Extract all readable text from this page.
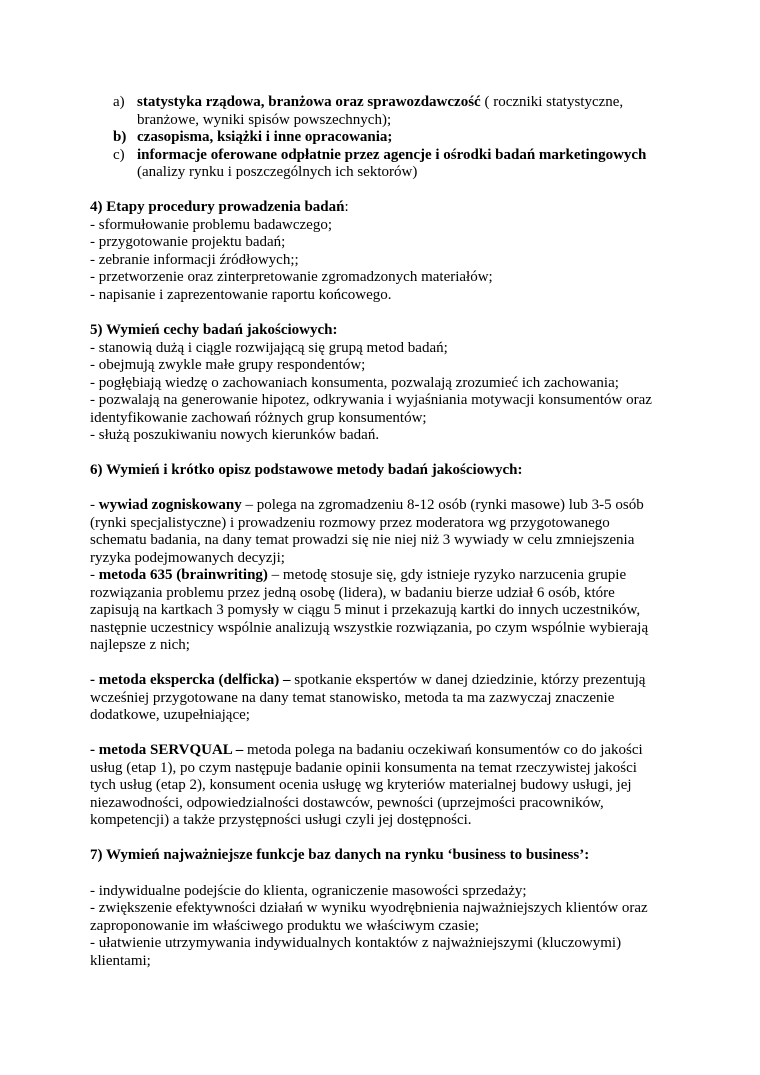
a) statystyka rządowa, branżowa oraz sprawozdawczość ( roczniki statystyczne,
branżowe, wyniki spisów powszechnych);
b) czasopisma, książki i inne opracowania;
c) informacje oferowane odpłatnie przez agencje i ośrodki badań marketingowych
(analizy rynku i poszczególnych ich sektorów)
4) Etapy procedury prowadzenia badań:
- sformułowanie problemu badawczego;
- przygotowanie projektu badań;
- zebranie informacji źródłowych;;
- przetworzenie oraz zinterpretowanie zgromadzonych materiałów;
- napisanie i zaprezentowanie raportu końcowego.
5) Wymień cechy badań jakościowych:
- stanowią dużą i ciągle rozwijającą się grupą metod badań;
- obejmują zwykle małe grupy respondentów;
- pogłębiają wiedzę o zachowaniach konsumenta, pozwalają zrozumieć ich zachowania;
- pozwalają na generowanie hipotez, odkrywania i wyjaśniania motywacji konsumentów oraz
identyfikowanie zachowań różnych grup konsumentów;
- służą poszukiwaniu nowych kierunków badań.
6) Wymień i krótko opisz podstawowe metody badań jakościowych:
- wywiad zogniskowany – polega na zgromadzeniu 8-12 osób (rynki masowe) lub 3-5 osób
(rynki specjalistyczne) i prowadzeniu rozmowy przez moderatora wg przygotowanego
schematu badania, na dany temat prowadzi się nie niej niż 3 wywiady w celu zmniejszenia
ryzyka podejmowanych decyzji;
- metoda 635 (brainwriting) – metodę stosuje się, gdy istnieje ryzyko narzucenia grupie
rozwiązania problemu przez jedną osobę (lidera), w badaniu bierze udział 6 osób, które
zapisują na kartkach 3 pomysły w ciągu 5 minut i przekazują kartki do innych uczestników,
następnie uczestnicy wspólnie analizują wszystkie rozwiązania, po czym wspólnie wybierają
najlepsze z nich;
- metoda ekspercka (delficka) – spotkanie ekspertów w danej dziedzinie, którzy prezentują
wcześniej przygotowane na dany temat stanowisko, metoda ta ma zazwyczaj znaczenie
dodatkowe, uzupełniające;
- metoda SERVQUAL – metoda polega na badaniu oczekiwań konsumentów co do jakości
usług (etap 1), po czym następuje badanie opinii konsumenta na temat rzeczywistej jakości
tych usług (etap 2), konsument ocenia usługę wg kryteriów materialnej budowy usługi, jej
niezawodności, odpowiedzialności dostawców, pewności (uprzejmości pracowników,
kompetencji) a także przystępności usługi czyli jej dostępności.
7) Wymień najważniejsze funkcje baz danych na rynku ‘business to business’:
- indywidualne podejście do klienta, ograniczenie masowości sprzedaży;
- zwiększenie efektywności działań w wyniku wyodrębnienia najważniejszych klientów oraz
zaproponowanie im właściwego produktu we właściwym czasie;
- ułatwienie utrzymywania indywidualnych kontaktów z najważniejszymi (kluczowymi)
klientami;
